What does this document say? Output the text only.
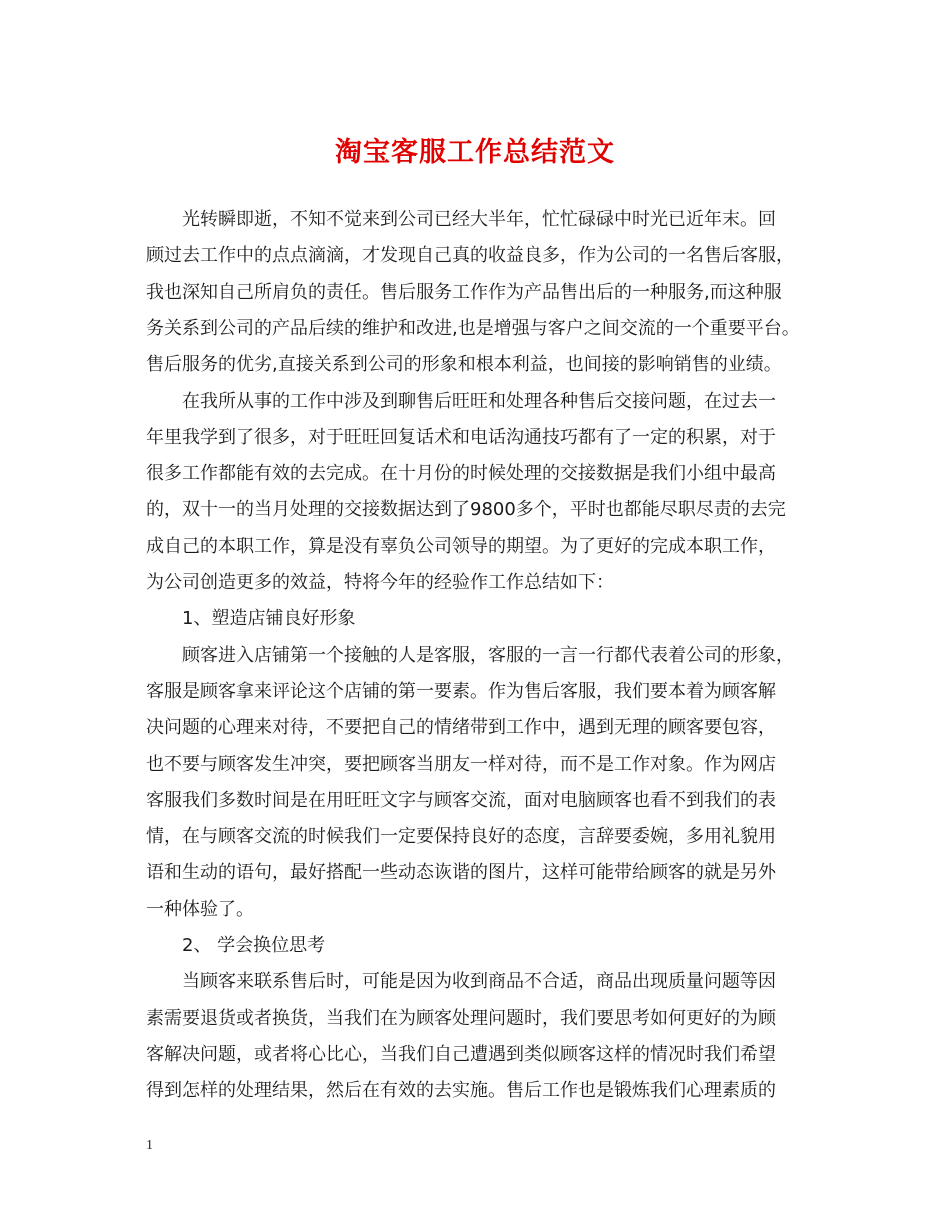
淘宝客服工作总结范文
光转瞬即逝，不知不觉来到公司已经大半年，忙忙碌碌中时光已近年末。回
顾过去工作中的点点滴滴，才发现自己真的收益良多，作为公司的一名售后客服，
我也深知自己所肩负的责任。售后服务工作作为产品售出后的一种服务,而这种服
务关系到公司的产品后续的维护和改进,也是增强与客户之间交流的一个重要平台。
售后服务的优劣,直接关系到公司的形象和根本利益，也间接的影响销售的业绩。
在我所从事的工作中涉及到聊售后旺旺和处理各种售后交接问题，在过去一
年里我学到了很多，对于旺旺回复话术和电话沟通技巧都有了一定的积累，对于
很多工作都能有效的去完成。在十月份的时候处理的交接数据是我们小组中最高
的，双十一的当月处理的交接数据达到了9800多个，平时也都能尽职尽责的去完
成自己的本职工作，算是没有辜负公司领导的期望。为了更好的完成本职工作，
为公司创造更多的效益，特将今年的经验作工作总结如下：
1、塑造店铺良好形象
顾客进入店铺第一个接触的人是客服，客服的一言一行都代表着公司的形象，
客服是顾客拿来评论这个店铺的第一要素。作为售后客服，我们要本着为顾客解
决问题的心理来对待，不要把自己的情绪带到工作中，遇到无理的顾客要包容，
也不要与顾客发生冲突，要把顾客当朋友一样对待，而不是工作对象。作为网店
客服我们多数时间是在用旺旺文字与顾客交流，面对电脑顾客也看不到我们的表
情，在与顾客交流的时候我们一定要保持良好的态度，言辞要委婉，多用礼貌用
语和生动的语句，最好搭配一些动态诙谐的图片，这样可能带给顾客的就是另外
一种体验了。
2、 学会换位思考
当顾客来联系售后时，可能是因为收到商品不合适，商品出现质量问题等因
素需要退货或者换货，当我们在为顾客处理问题时，我们要思考如何更好的为顾
客解决问题，或者将心比心，当我们自己遭遇到类似顾客这样的情况时我们希望
得到怎样的处理结果，然后在有效的去实施。售后工作也是锻炼我们心理素质的
1
